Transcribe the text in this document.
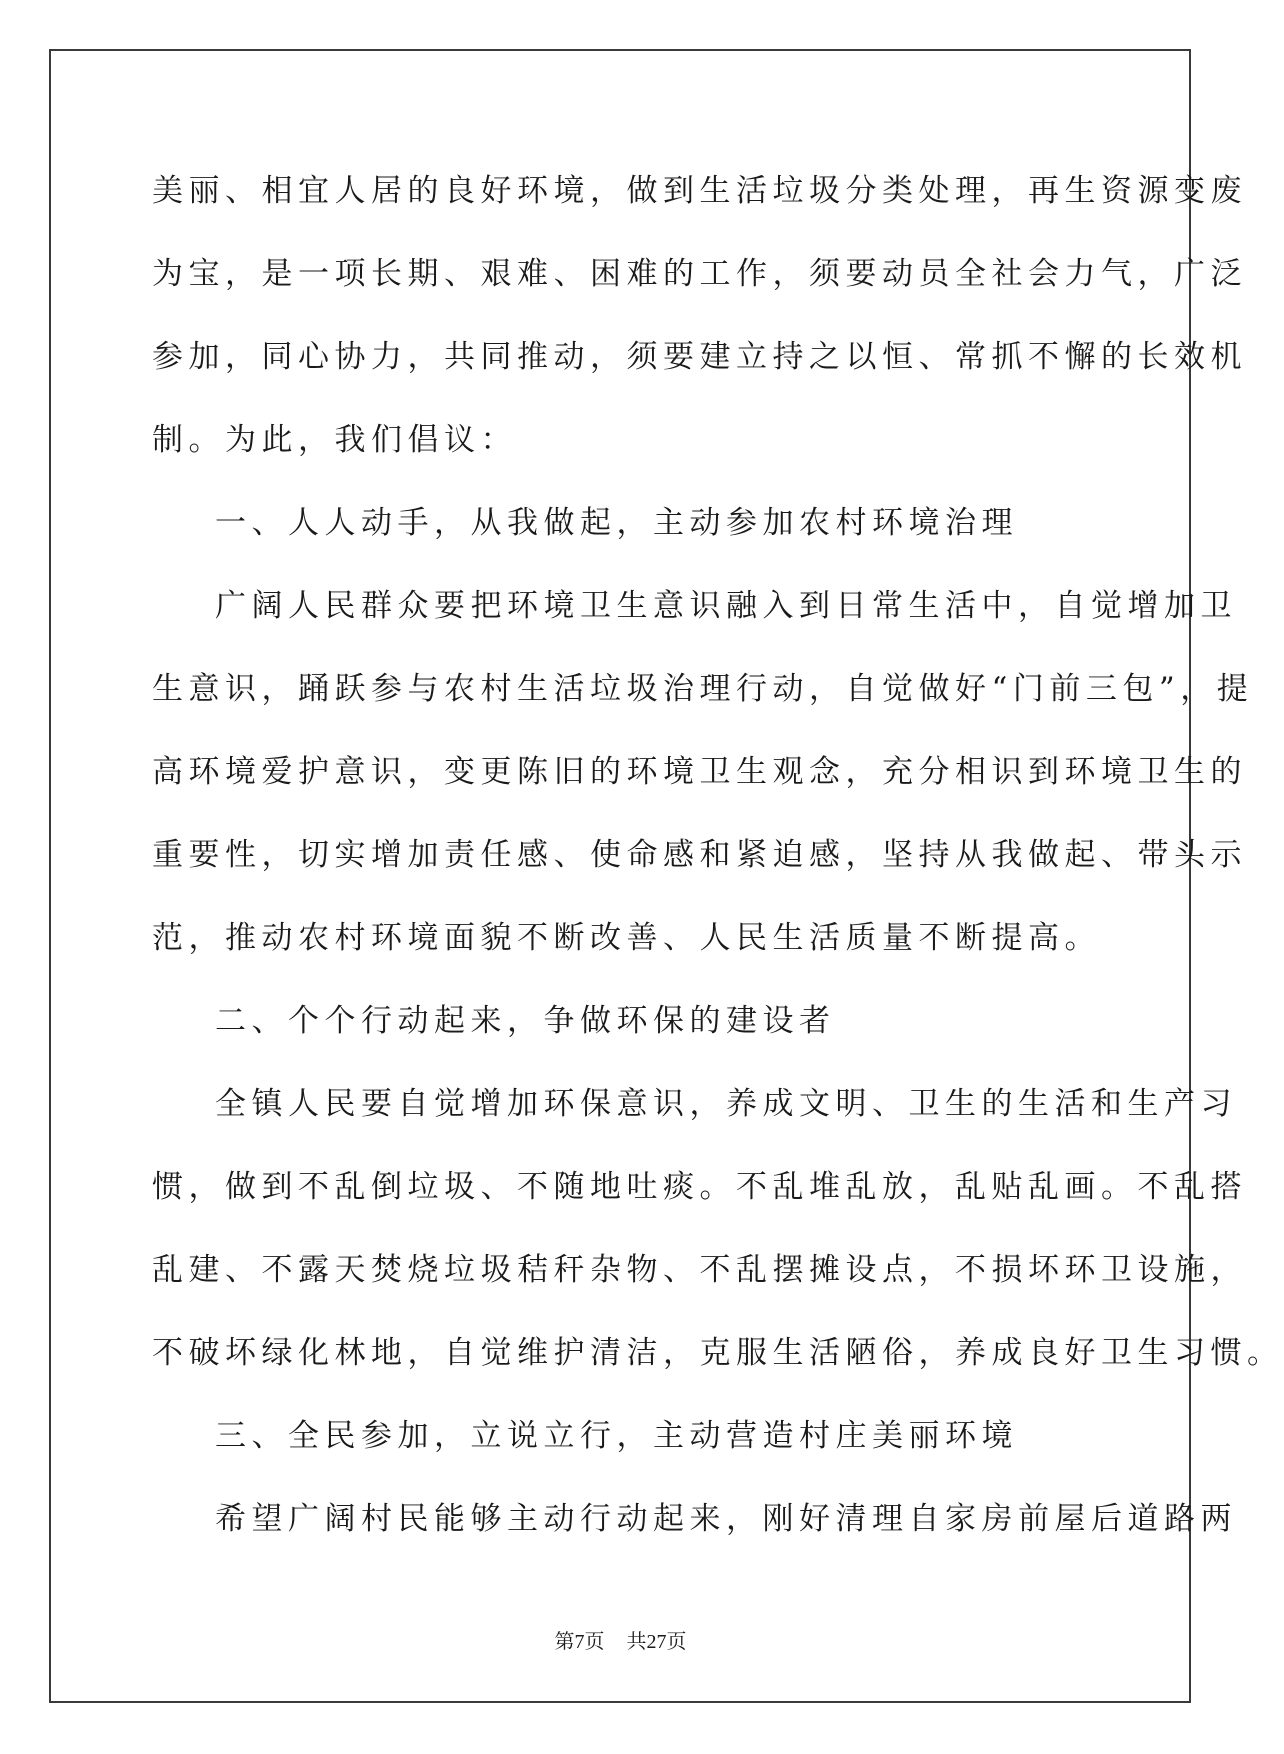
美丽、相宜人居的良好环境，做到生活垃圾分类处理，再生资源变废
为宝，是一项长期、艰难、困难的工作，须要动员全社会力气，广泛
参加，同心协力，共同推动，须要建立持之以恒、常抓不懈的长效机
制。为此，我们倡议：
一、人人动手，从我做起，主动参加农村环境治理
广阔人民群众要把环境卫生意识融入到日常生活中，自觉增加卫
生意识，踊跃参与农村生活垃圾治理行动，自觉做好“门前三包”，提
高环境爱护意识，变更陈旧的环境卫生观念，充分相识到环境卫生的
重要性，切实增加责任感、使命感和紧迫感，坚持从我做起、带头示
范，推动农村环境面貌不断改善、人民生活质量不断提高。
二、个个行动起来，争做环保的建设者
全镇人民要自觉增加环保意识，养成文明、卫生的生活和生产习
惯，做到不乱倒垃圾、不随地吐痰。不乱堆乱放，乱贴乱画。不乱搭
乱建、不露天焚烧垃圾秸秆杂物、不乱摆摊设点，不损坏环卫设施，
不破坏绿化林地，自觉维护清洁，克服生活陋俗，养成良好卫生习惯。
三、全民参加，立说立行，主动营造村庄美丽环境
希望广阔村民能够主动行动起来，刚好清理自家房前屋后道路两
第7页 共27页
